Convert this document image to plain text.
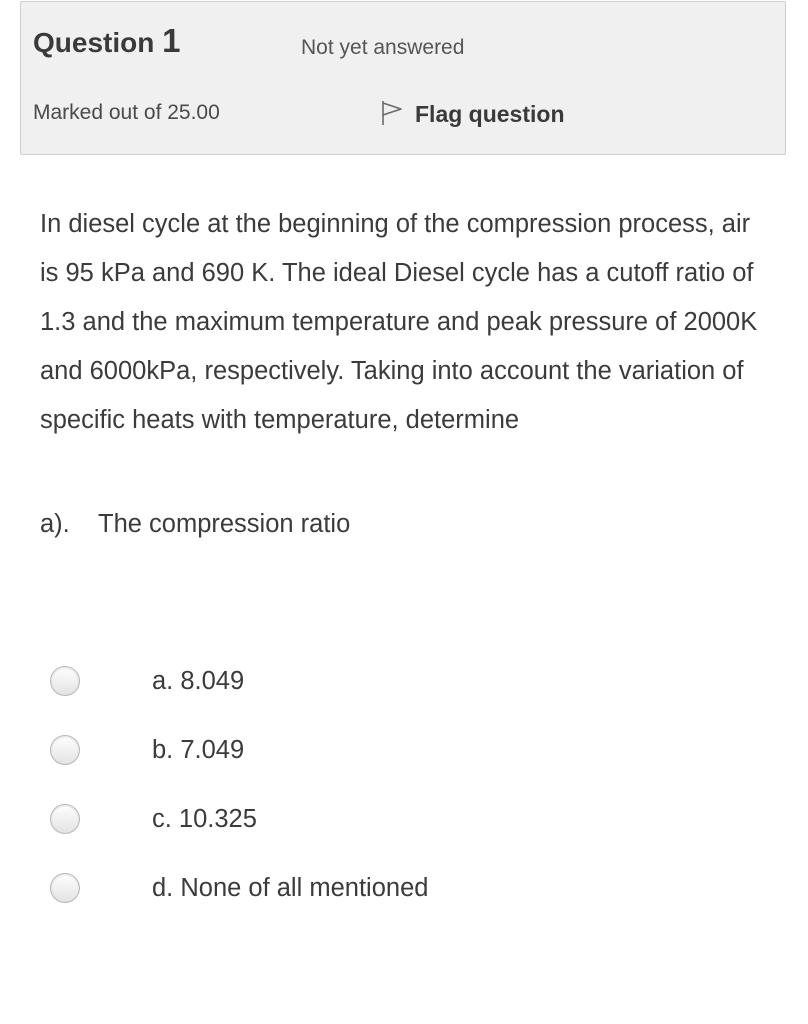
Question 1	Not yet answered
Marked out of 25.00	Flag question
In diesel cycle at the beginning of the compression process, air is 95 kPa and 690 K. The ideal Diesel cycle has a cutoff ratio of 1.3 and the maximum temperature and peak pressure of 2000K and 6000kPa, respectively. Taking into account the variation of specific heats with temperature, determine
a). The compression ratio
a. 8.049
b. 7.049
c. 10.325
d. None of all mentioned
